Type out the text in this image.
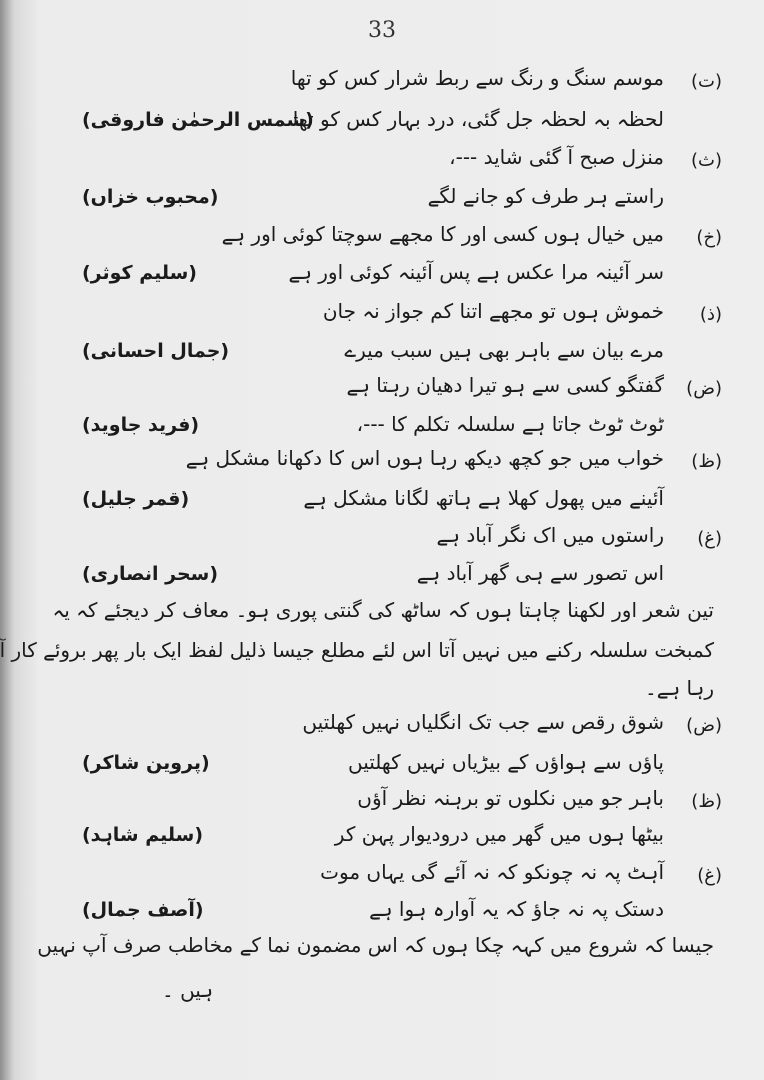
33
(ت)
موسم سنگ و رنگ سے ربط شرار کس کو تھا
لحظہ بہ لحظہ جل گئی، درد بہار کس کو تھا
(شمس الرحمٰن فاروقی)
(ث)
منزل صبح آ گئی شاید ---،
راستے ہر طرف کو جانے لگے
(محبوب خزاں)
(خ)
میں خیال ہوں کسی اور کا مجھے سوچتا کوئی اور ہے
سر آئینہ مرا عکس ہے پس آئینہ کوئی اور ہے
(سلیم کوثر)
(ذ)
خموش ہوں تو مجھے اتنا کم جواز نہ جان
مرے بیان سے باہر بھی ہیں سبب میرے
(جمال احسانی)
(ض)
گفتگو کسی سے ہو تیرا دھیان رہتا ہے
ٹوٹ ٹوٹ جاتا ہے سلسلہ تکلم کا ---،
(فرید جاوید)
(ظ)
خواب میں جو کچھ دیکھ رہا ہوں اس کا دکھانا مشکل ہے
آئینے میں پھول کھلا ہے ہاتھ لگانا مشکل ہے
(قمر جلیل)
(غ)
راستوں میں اک نگر آباد ہے
اس تصور سے ہی گھر آباد ہے
(سحر انصاری)
تین شعر اور لکھنا چاہتا ہوں کہ ساٹھ کی گنتی پوری ہو۔ معاف کر دیجئے کہ یہ
کمبخت سلسلہ رکنے میں نہیں آتا اس لئے مطلع جیسا ذلیل لفظ ایک بار پھر بروئے کار آ
رہا ہے۔
(ض)
شوق رقص سے جب تک انگلیاں نہیں کھلتیں
پاؤں سے ہواؤں کے بیڑیاں نہیں کھلتیں
(پروین شاکر)
(ظ)
باہر جو میں نکلوں تو برہنہ نظر آؤں
بیٹھا ہوں میں گھر میں درودیوار پہن کر
(سلیم شاہد)
(غ)
آہٹ پہ نہ چونکو کہ نہ آئے گی یہاں موت
دستک پہ نہ جاؤ کہ یہ آوارہ ہوا ہے
(آصف جمال)
جیسا کہ شروع میں کہہ چکا ہوں کہ اس مضمون نما کے مخاطب صرف آپ نہیں
ہیں ۔
